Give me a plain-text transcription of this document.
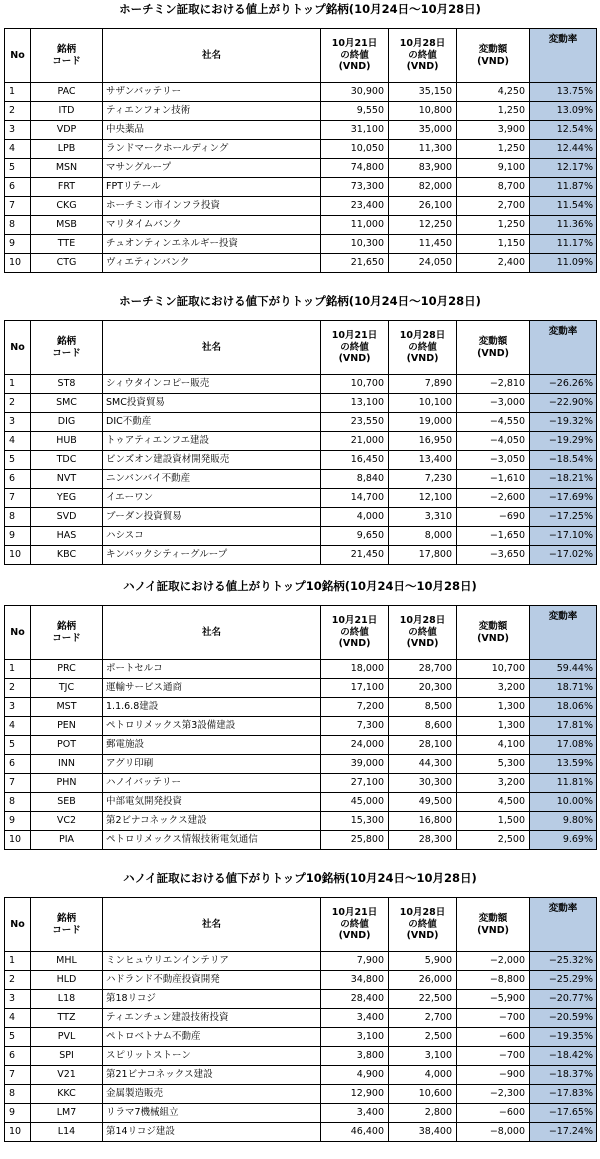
ホーチミン証取における値上がりトップ銘柄(10月24日〜10月28日)
No	銘柄
コード	社名	10月21日
の終値
(VND)	10月28日
の終値
(VND)	変動額
(VND)	変動率
1	PAC	サザンバッテリー	30,900	35,150	4,250	13.75%
2	ITD	ティエンフォン技術	9,550	10,800	1,250	13.09%
3	VDP	中央薬品	31,100	35,000	3,900	12.54%
4	LPB	ランドマークホールディング	10,050	11,300	1,250	12.44%
5	MSN	マサングループ	74,800	83,900	9,100	12.17%
6	FRT	FPTリテール	73,300	82,000	8,700	11.87%
7	CKG	ホーチミン市インフラ投資	23,400	26,100	2,700	11.54%
8	MSB	マリタイムバンク	11,000	12,250	1,250	11.36%
9	TTE	チュオンティンエネルギー投資	10,300	11,450	1,150	11.17%
10	CTG	ヴィエティンバンク	21,650	24,050	2,400	11.09%
ホーチミン証取における値下がりトップ銘柄(10月24日〜10月28日)
No	銘柄
コード	社名	10月21日
の終値
(VND)	10月28日
の終値
(VND)	変動額
(VND)	変動率
1	ST8	シィウタインコピー販売	10,700	7,890	−2,810	−26.26%
2	SMC	SMC投資貿易	13,100	10,100	−3,000	−22.90%
3	DIG	DIC不動産	23,550	19,000	−4,550	−19.32%
4	HUB	トゥアティエンフエ建設	21,000	16,950	−4,050	−19.29%
5	TDC	ビンズオン建設資材開発販売	16,450	13,400	−3,050	−18.54%
6	NVT	ニンバンバイ不動産	8,840	7,230	−1,610	−18.21%
7	YEG	イエーワン	14,700	12,100	−2,600	−17.69%
8	SVD	ブーダン投資貿易	4,000	3,310	−690	−17.25%
9	HAS	ハシスコ	9,650	8,000	−1,650	−17.10%
10	KBC	キンバックシティーグループ	21,450	17,800	−3,650	−17.02%
ハノイ証取における値上がりトップ10銘柄(10月24日〜10月28日)
No	銘柄
コード	社名	10月21日
の終値
(VND)	10月28日
の終値
(VND)	変動額
(VND)	変動率
1	PRC	ポートセルコ	18,000	28,700	10,700	59.44%
2	TJC	運輸サービス通商	17,100	20,300	3,200	18.71%
3	MST	1.1.6.8建設	7,200	8,500	1,300	18.06%
4	PEN	ペトロリメックス第3設備建設	7,300	8,600	1,300	17.81%
5	POT	郵電施設	24,000	28,100	4,100	17.08%
6	INN	アグリ印刷	39,000	44,300	5,300	13.59%
7	PHN	ハノイバッテリー	27,100	30,300	3,200	11.81%
8	SEB	中部電気開発投資	45,000	49,500	4,500	10.00%
9	VC2	第2ビナコネックス建設	15,300	16,800	1,500	9.80%
10	PIA	ペトロリメックス情報技術電気通信	25,800	28,300	2,500	9.69%
ハノイ証取における値下がりトップ10銘柄(10月24日〜10月28日)
No	銘柄
コード	社名	10月21日
の終値
(VND)	10月28日
の終値
(VND)	変動額
(VND)	変動率
1	MHL	ミンヒュウリエンインテリア	7,900	5,900	−2,000	−25.32%
2	HLD	ハドランド不動産投資開発	34,800	26,000	−8,800	−25.29%
3	L18	第18リコジ	28,400	22,500	−5,900	−20.77%
4	TTZ	ティエンチュン建設技術投資	3,400	2,700	−700	−20.59%
5	PVL	ペトロベトナム不動産	3,100	2,500	−600	−19.35%
6	SPI	スピリットストーン	3,800	3,100	−700	−18.42%
7	V21	第21ビナコネックス建設	4,900	4,000	−900	−18.37%
8	KKC	金属製造販売	12,900	10,600	−2,300	−17.83%
9	LM7	リラマ7機械組立	3,400	2,800	−600	−17.65%
10	L14	第14リコジ建設	46,400	38,400	−8,000	−17.24%
